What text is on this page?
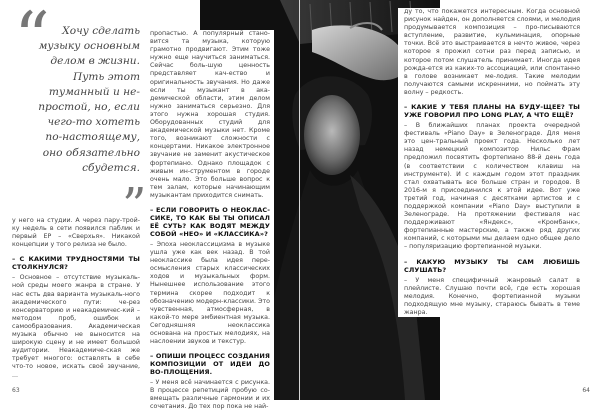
“	Хочу сделать музыку основным делом в жизни. Путь этот туманный и не-простой, но, если чего-то хотеть по-настоящему, оно обязательно сбудется.
”

у него на студии. А через пару-трой-ку недель в сети появился паблик и первый EP – «Сверхья». Никакой концепции у того релиза не было.

– С КАКИМИ ТРУДНОСТЯМИ ТЫ СТОЛКНУЛСЯ?

– Основное – отсутствие музыкаль-ной среды моего жанра в стране. У нас есть два варианта музыкаль-ного академического пути: че-рез консерваторию и неакадемичес-кий – методом проб, ошибок и самообразования. Академическая музыка обычно не выносится на широкую сцену и не имеет большой аудитории. Неакадемиче-ская же требует многого: оставлять в себе что-то новое, искать своё звучание, ...

63

пропастью. А популярный стано-вится та музыка, которую грамотно продвигают. Этим тоже нужно еще научиться заниматься. Сейчас боль-шую ценность представляет кач-ество и оригинальность звучания. Но даже если ты музыкант в ака-демической области, этим делом нужно заниматься серьезно. Для этого нужна хорошая студия. Оборудованных студий для академической музыки нет. Кроме того, возникают сложности с концертами. Никакое электронное звучание не заменит акустическое фортепиано. Однако площадок с живым ин-струментом в городе очень мало. Это больше вопрос к тем залам, которые начинающим музыкантам приходится снимать.

– ЕСЛИ ГОВОРИТЬ О НЕОКЛАС-СИКЕ, ТО КАК БЫ ТЫ ОПИСАЛ ЕЁ СУТЬ? КАК ВОДЯТ МЕЖДУ СОБОЙ «НЕО» И «КЛАССИКА»?

– Эпоха неоклассицизма в музыке ушла уже как век назад. В той неоклассике была идея пере-осмысления старых классических ходов и музыкальных форм. Нынешнее использование этого термина скорее подходит к обозначению модерн-классики. Это чувственная, атмосферная, в какой-то мере эмбиентная музыка. Сегодняшняя неоклассика основана на простых мелодиях, на наслоении звуков и текстур.

– ОПИШИ ПРОЦЕСС СОЗДАНИЯ КОМПОЗИЦИИ ОТ ИДЕИ ДО ВО-ПЛОЩЕНИЯ.

– У меня всё начинается с рисунка. В процессе репетиций пробую со-вмещать различные гармонии и их сочетания. До тех пор пока не най-

ду то, что покажется интересным. Когда основной рисунок найден, он дополняется слоями, и мелодия продумывается композиция – про-писываются вступление, развитие, кульминация, опорные точки. Всё это выстраивается в нечто живое, через которое я прожил сотни раз перед записью, и которое потом слушатель принимает. Иногда идея рожда-ется из каких-то ассоциаций, или спонтанно в голове возникает ме-лодия. Такие мелодии получаются самыми искренними, но поймать эту волну – редкость.

– КАКИЕ У ТЕБЯ ПЛАНЫ НА БУДУ-ЩЕЕ? ТЫ УЖЕ ГОВОРИЛ ПРО LONG PLAY, А ЧТО ЕЩЁ?

– В ближайших планах проекта очередной фестиваль «Piano Day» в Зеленограде. Для меня это цен-тральный проект года. Несколько лет назад немецкий композитор Нильс Фрам предложил посвятить фортепиано 88-й день года (в соответствии с количеством клавиш на инструменте). И с каждым годом этот праздник стал охватывать все больше стран и городов. В 2016-м я присоединился к этой идее. Вот уже третий год, начиная с десятками артистов и с поддержкой компании «Piano Day» выступили в Зеленограде. На протяжении фестиваля нас поддерживают «Яндекс», «Кромбанк», фортепианные мастерские, а также ряд других компаний, с которыми мы делаем одно общее дело – популяризацию фортепианной музыки.

– КАКУЮ МУЗЫКУ ТЫ САМ ЛЮБИШЬ СЛУШАТЬ?

– У меня специфичный жанровый салат в плейлисте. Слушаю почти всё, где есть хорошая мелодия. Конечно, фортепианной музыки подходящую мне музыку, стараюсь бывать в теме жанра.

64
